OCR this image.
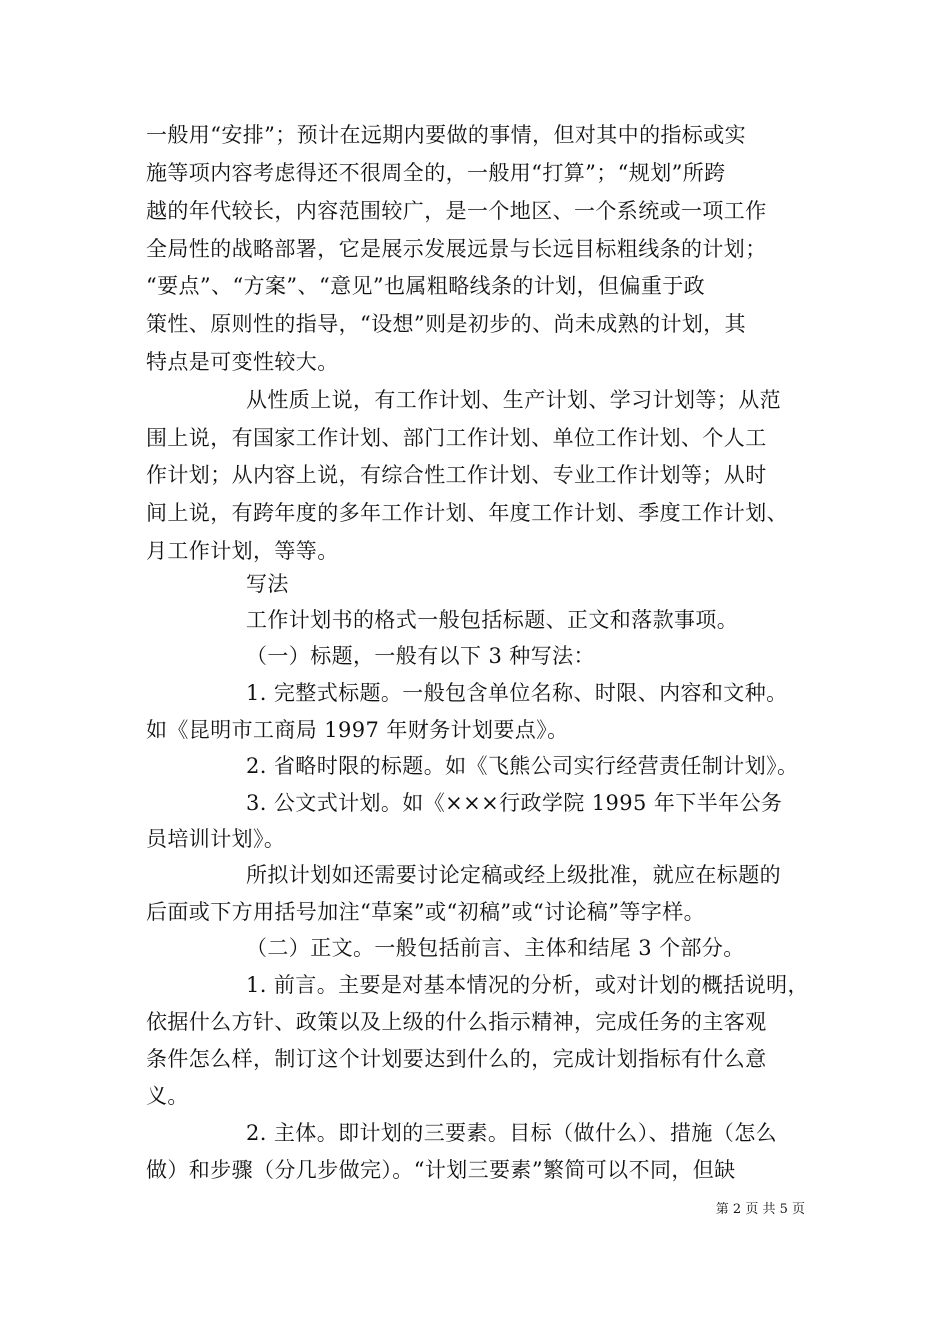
一般用“安排”；预计在远期内要做的事情，但对其中的指标或实
施等项内容考虑得还不很周全的，一般用“打算”；“规划”所跨
越的年代较长，内容范围较广，是一个地区、一个系统或一项工作
全局性的战略部署，它是展示发展远景与长远目标粗线条的计划；
“要点”、“方案”、“意见”也属粗略线条的计划，但偏重于政
策性、原则性的指导，“设想”则是初步的、尚未成熟的计划，其
特点是可变性较大。
从性质上说，有工作计划、生产计划、学习计划等；从范
围上说，有国家工作计划、部门工作计划、单位工作计划、个人工
作计划；从内容上说，有综合性工作计划、专业工作计划等；从时
间上说，有跨年度的多年工作计划、年度工作计划、季度工作计划、
月工作计划，等等。
写法
工作计划书的格式一般包括标题、正文和落款事项。
（一）标题，一般有以下 3 种写法：
1. 完整式标题。一般包含单位名称、时限、内容和文种。
如《昆明市工商局 1997 年财务计划要点》。
2. 省略时限的标题。如《飞熊公司实行经营责任制计划》。
3. 公文式计划。如《×××行政学院 1995 年下半年公务
员培训计划》。
所拟计划如还需要讨论定稿或经上级批准，就应在标题的
后面或下方用括号加注“草案”或“初稿”或“讨论稿”等字样。
（二）正文。一般包括前言、主体和结尾 3 个部分。
1. 前言。主要是对基本情况的分析，或对计划的概括说明，
依据什么方针、政策以及上级的什么指示精神，完成任务的主客观
条件怎么样，制订这个计划要达到什么的，完成计划指标有什么意
义。
2. 主体。即计划的三要素。目标（做什么）、措施（怎么
做）和步骤（分几步做完）。“计划三要素”繁简可以不同，但缺
第 2 页 共 5 页
